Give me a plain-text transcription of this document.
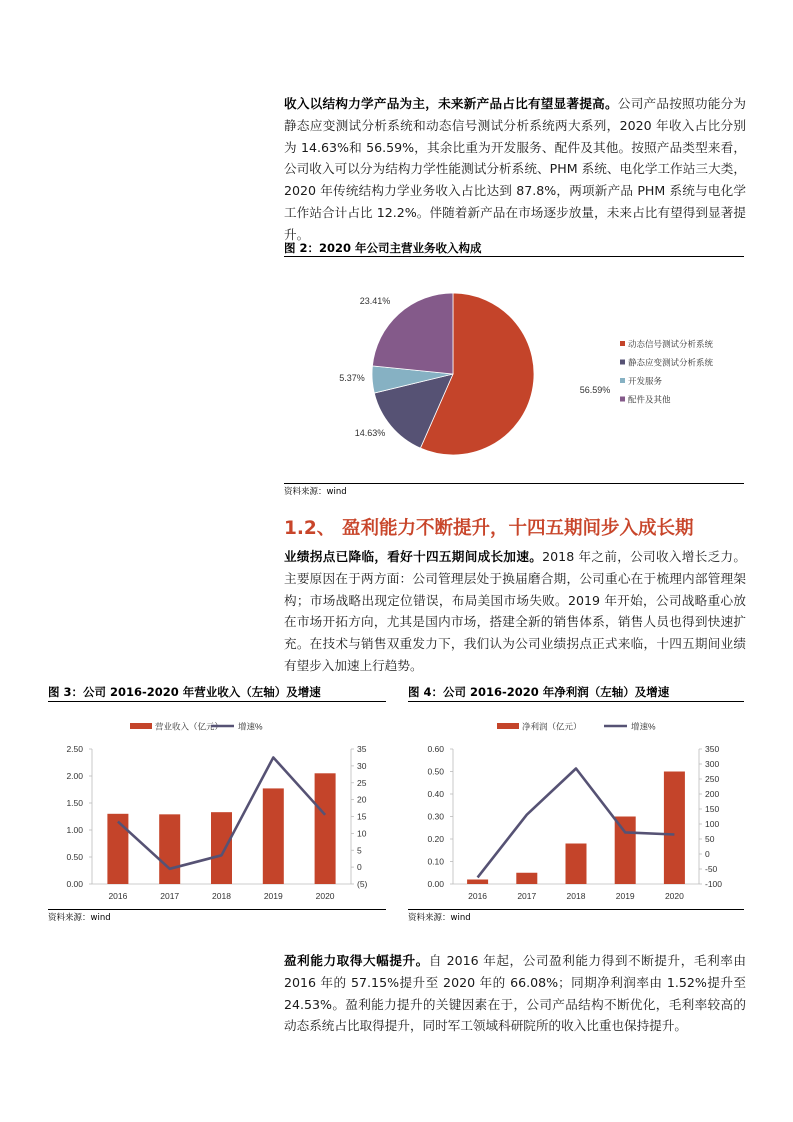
收入以结构力学产品为主，未来新产品占比有望显著提高。公司产品按照功能分为静态应变测试分析系统和动态信号测试分析系统两大系列，2020 年收入占比分别为 14.63%和 56.59%，其余比重为开发服务、配件及其他。按照产品类型来看，公司收入可以分为结构力学性能测试分析系统、PHM 系统、电化学工作站三大类，2020 年传统结构力学业务收入占比达到 87.8%，两项新产品 PHM 系统与电化学工作站合计占比 12.2%。伴随着新产品在市场逐步放量，未来占比有望得到显著提升。

图 2：2020 年公司主营业务收入构成
资料来源：wind
1.2、 盈利能力不断提升，十四五期间步入成长期

业绩拐点已降临，看好十四五期间成长加速。2018 年之前，公司收入增长乏力。主要原因在于两方面：公司管理层处于换届磨合期，公司重心在于梳理内部管理架构；市场战略出现定位错误，布局美国市场失败。2019 年开始，公司战略重心放在市场开拓方向，尤其是国内市场，搭建全新的销售体系，销售人员也得到快速扩充。在技术与销售双重发力下，我们认为公司业绩拐点正式来临，十四五期间业绩有望步入加速上行趋势。

图 3：公司 2016-2020 年营业收入（左轴）及增速
资料来源：wind
图 4：公司 2016-2020 年净利润（左轴）及增速
资料来源：wind

盈利能力取得大幅提升。自 2016 年起，公司盈利能力得到不断提升，毛利率由 2016 年的 57.15%提升至 2020 年的 66.08%；同期净利润率由 1.52%提升至 24.53%。盈利能力提升的关键因素在于，公司产品结构不断优化，毛利率较高的动态系统占比取得提升，同时军工领域科研院所的收入比重也保持提升。

56.59%
14.63%
5.37%
23.41%
动态信号测试分析系统
静态应变测试分析系统
开发服务
配件及其他
0.00
0.50
1.00
1.50
2.00
2.50
(5)
0
5
10
15
20
25
30
35
2016	2017	2018	2019	2020
营业收入（亿元） 增速%
0.00
0.10
0.20
0.30
0.40
0.50
0.60
-100
-50
0
50
100
150
200
250
300
350
2016	2017	2018	2019	2020
净利润（亿元）	增速%
